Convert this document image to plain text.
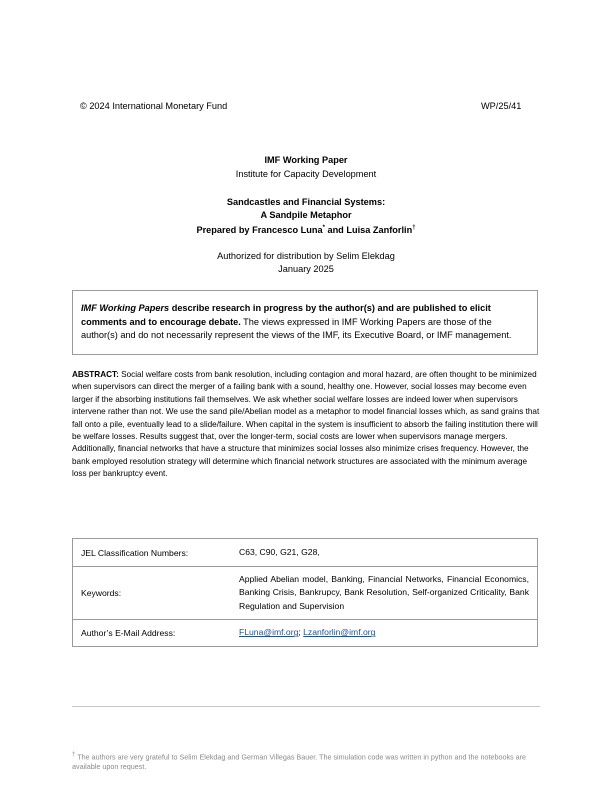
© 2024 International Monetary Fund	WP/25/41
IMF Working Paper
Institute for Capacity Development
Sandcastles and Financial Systems:
A Sandpile Metaphor
Prepared by Francesco Luna* and Luisa Zanforlin†
Authorized for distribution by Selim Elekdag
January 2025
IMF Working Papers describe research in progress by the author(s) and are published to elicit comments and to encourage debate. The views expressed in IMF Working Papers are those of the author(s) and do not necessarily represent the views of the IMF, its Executive Board, or IMF management.
ABSTRACT: Social welfare costs from bank resolution, including contagion and moral hazard, are often thought to be minimized when supervisors can direct the merger of a failing bank with a sound, healthy one. However, social losses may become even larger if the absorbing institutions fail themselves. We ask whether social welfare losses are indeed lower when supervisors intervene rather than not. We use the sand pile/Abelian model as a metaphor to model financial losses which, as sand grains that fall onto a pile, eventually lead to a slide/failure. When capital in the system is insufficient to absorb the failing institution there will be welfare losses. Results suggest that, over the longer-term, social costs are lower when supervisors manage mergers. Additionally, financial networks that have a structure that minimizes social losses also minimize crises frequency. However, the bank employed resolution strategy will determine which financial network structures are associated with the minimum average loss per bankruptcy event.
JEL Classification Numbers:	C63, C90, G21, G28,
Keywords:	Applied Abelian model, Banking, Financial Networks, Financial Economics, Banking Crisis, Bankrupcy, Bank Resolution, Self-organized Criticality, Bank Regulation and Supervision
Author’s E-Mail Address:	FLuna@imf.org; Lzanforlin@imf.org
† The authors are very grateful to Selim Elekdag and German Villegas Bauer. The simulation code was written in python and the notebooks are available upon request.
